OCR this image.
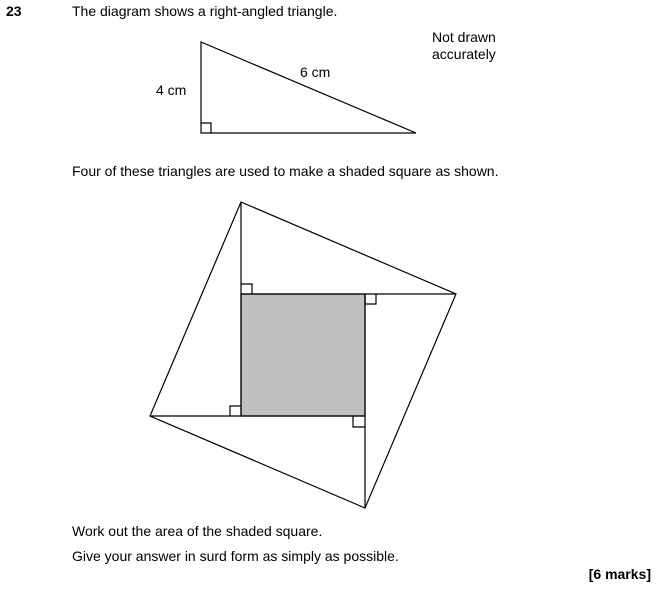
23	The diagram shows a right-angled triangle.
Not drawn
accurately
4 cm
6 cm
Four of these triangles are used to make a shaded square as shown.
Work out the area of the shaded square.
Give your answer in surd form as simply as possible.
[6 marks]
